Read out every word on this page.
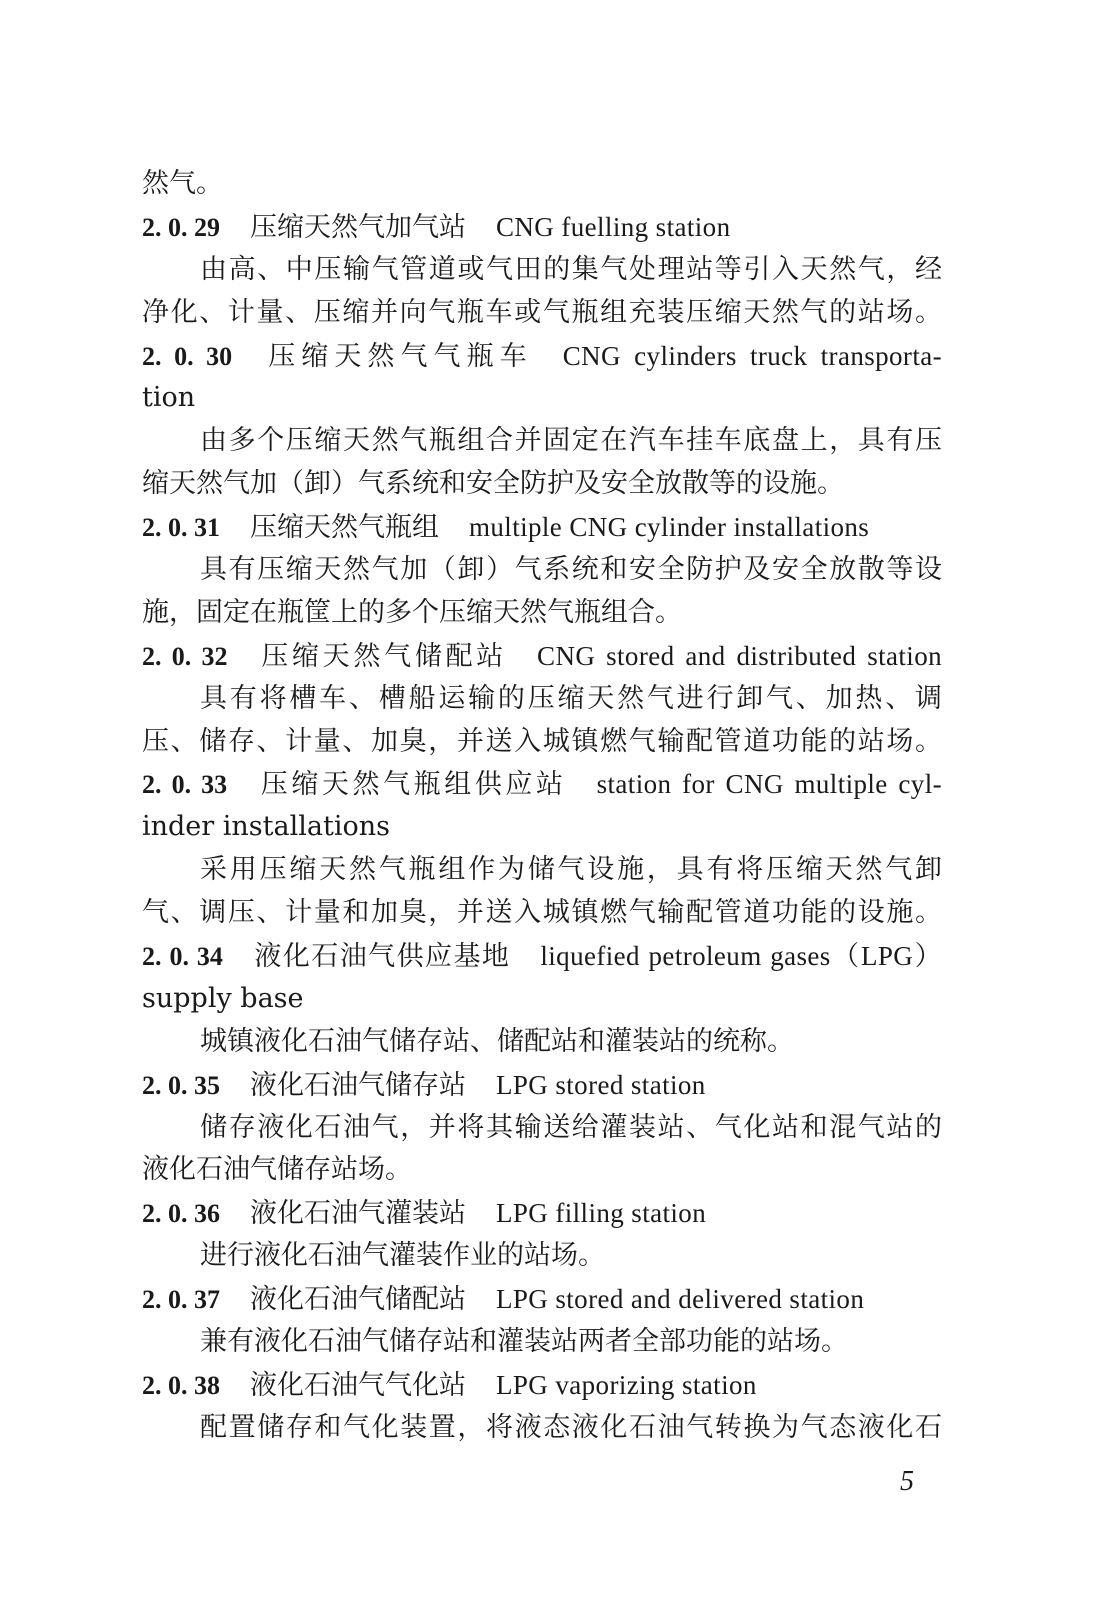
然气。
2. 0. 29 压缩天然气加气站 CNG fuelling station
由高、中压输气管道或气田的集气处理站等引入天然气，经
净化、计量、压缩并向气瓶车或气瓶组充装压缩天然气的站场。
2. 0. 30 压缩天然气气瓶车 CNG cylinders truck transporta-
tion
由多个压缩天然气瓶组合并固定在汽车挂车底盘上，具有压
缩天然气加（卸）气系统和安全防护及安全放散等的设施。
2. 0. 31 压缩天然气瓶组 multiple CNG cylinder installations
具有压缩天然气加（卸）气系统和安全防护及安全放散等设
施，固定在瓶筐上的多个压缩天然气瓶组合。
2. 0. 32 压缩天然气储配站 CNG stored and distributed station
具有将槽车、槽船运输的压缩天然气进行卸气、加热、调
压、储存、计量、加臭，并送入城镇燃气输配管道功能的站场。
2. 0. 33 压缩天然气瓶组供应站 station for CNG multiple cyl-
inder installations
采用压缩天然气瓶组作为储气设施，具有将压缩天然气卸
气、调压、计量和加臭，并送入城镇燃气输配管道功能的设施。
2. 0. 34 液化石油气供应基地 liquefied petroleum gases（LPG）
supply base
城镇液化石油气储存站、储配站和灌装站的统称。
2. 0. 35 液化石油气储存站 LPG stored station
储存液化石油气，并将其输送给灌装站、气化站和混气站的
液化石油气储存站场。
2. 0. 36 液化石油气灌装站 LPG filling station
进行液化石油气灌装作业的站场。
2. 0. 37 液化石油气储配站 LPG stored and delivered station
兼有液化石油气储存站和灌装站两者全部功能的站场。
2. 0. 38 液化石油气气化站 LPG vaporizing station
配置储存和气化装置，将液态液化石油气转换为气态液化石
5
